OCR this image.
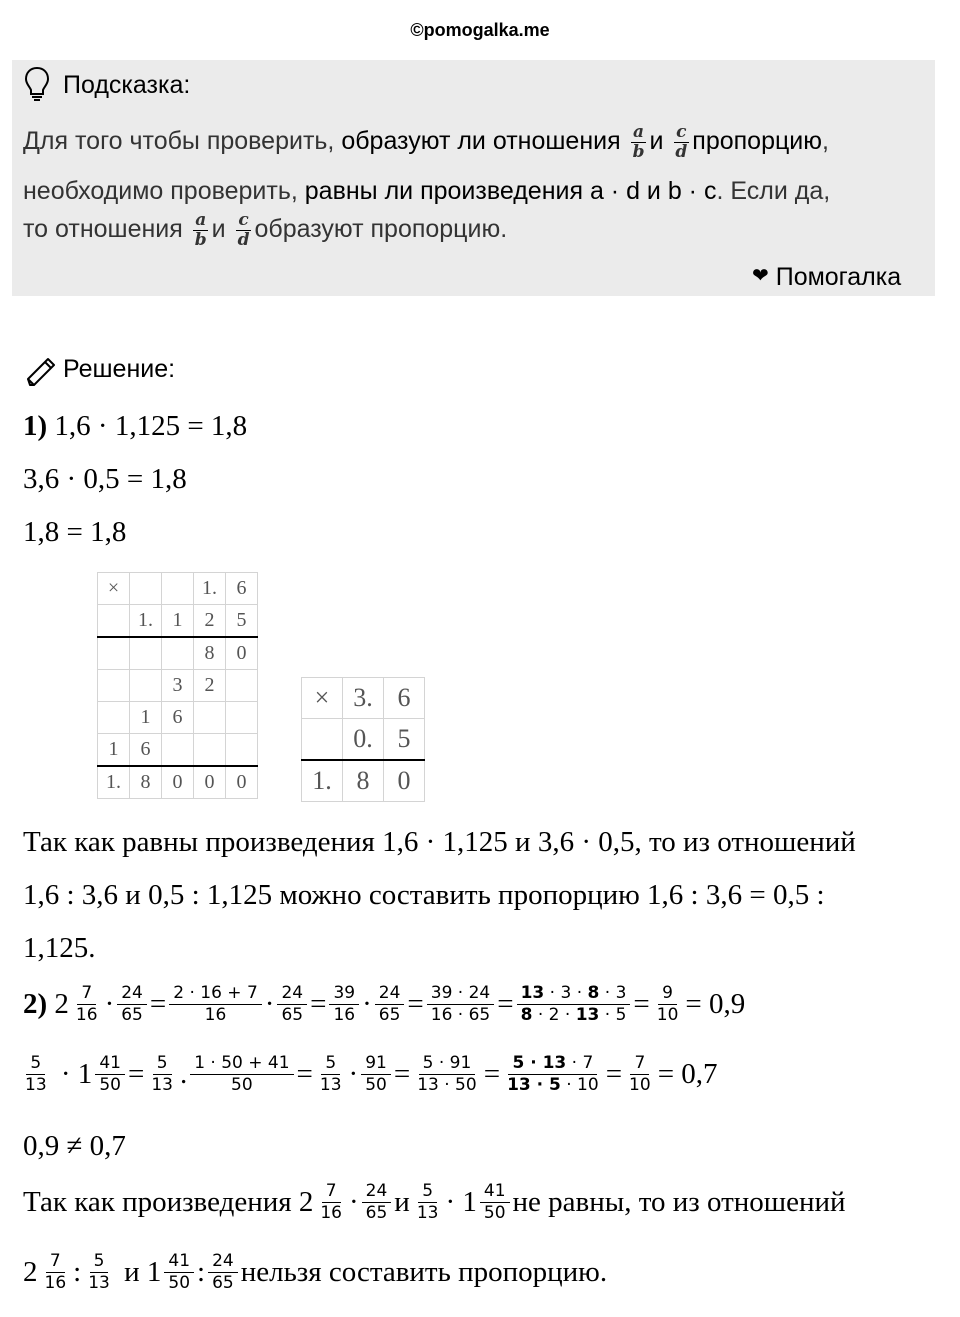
©pomogalka.me
Подсказка:
Для того чтобы проверить, образуют ли отношения $\frac{a}{b}$ и $\frac{c}{d}$ пропорцию,
необходимо проверить, равны ли произведения a · d и b · c. Если да,
то отношения $\frac{a}{b}$ и $\frac{c}{d}$ образуют пропорцию.
❤ Помогалка
Решение:
1) 1,6 · 1,125 = 1,8
3,6 · 0,5 = 1,8
1,8 = 1,8
×			1.	6
	1.	1	2	5
			8	0
		3	2	
	1	6		
1	6			
1.	8	0	0	0
×	3.	6
	0.	5
1.	8	0
Так как равны произведения 1,6 · 1,125 и 3,6 · 0,5, то из отношений
1,6 : 3,6 и 0,5 : 1,125 можно составить пропорцию 1,6 : 3,6 = 0,5 :
1,125.
2)
$2 \frac{7}{16} \cdot \frac{24}{65} = \frac{2 \cdot 16 + 7}{16} \cdot \frac{24}{65} = \frac{39}{16} \cdot \frac{24}{65} = \frac{39 \cdot 24}{16 \cdot 65} = \frac{13 \cdot 3 \cdot 8 \cdot 3}{8 \cdot 2 \cdot 13 \cdot 5} = \frac{9}{10} = 0,9$
$\frac{5}{13}$
· $1 \frac{41}{50} = \frac{5}{13}$ . $\frac{1 \cdot 50 + 41}{50} = \frac{5}{13} \cdot \frac{91}{50} = \frac{5 \cdot 91}{13 \cdot 50} = \frac{5 \cdot 13 \cdot 7}{13 \cdot 5 \cdot 10} = \frac{7}{10} = 0,7$
0,9 ≠ 0,7
Так как произведения $2 \frac{7}{16} \cdot \frac{24}{65}$ и $\frac{5}{13} \cdot 1 \frac{41}{50}$ не равны, то из отношений
$2 \frac{7}{16}$ : $\frac{5}{13}$
и $1 \frac{41}{50}$ : $\frac{24}{65}$ нельзя составить пропорцию.
